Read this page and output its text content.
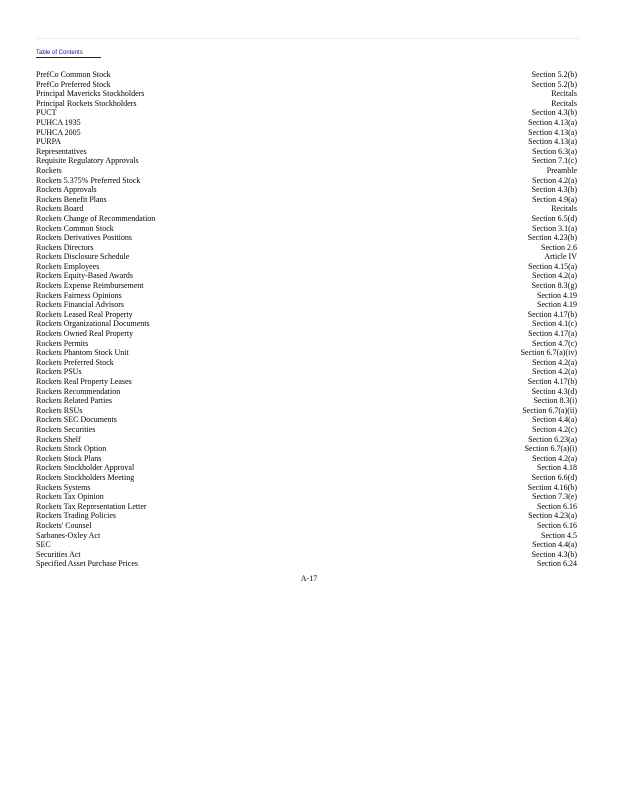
Table of Contents
PrefCo Common Stock	Section 5.2(b)
PrefCo Preferred Stock	Section 5.2(b)
Principal Mavericks Stockholders	Recitals
Principal Rockets Stockholders	Recitals
PUCT	Section 4.3(b)
PUHCA 1935	Section 4.13(a)
PUHCA 2005	Section 4.13(a)
PURPA	Section 4.13(a)
Representatives	Section 6.3(a)
Requisite Regulatory Approvals	Section 7.1(c)
Rockets	Preamble
Rockets 5.375% Preferred Stock	Section 4.2(a)
Rockets Approvals	Section 4.3(b)
Rockets Benefit Plans	Section 4.9(a)
Rockets Board	Recitals
Rockets Change of Recommendation	Section 6.5(d)
Rockets Common Stock	Section 3.1(a)
Rockets Derivatives Positions	Section 4.23(b)
Rockets Directors	Section 2.6
Rockets Disclosure Schedule	Article IV
Rockets Employees	Section 4.15(a)
Rockets Equity-Based Awards	Section 4.2(a)
Rockets Expense Reimbursement	Section 8.3(g)
Rockets Fairness Opinions	Section 4.19
Rockets Financial Advisors	Section 4.19
Rockets Leased Real Property	Section 4.17(b)
Rockets Organizational Documents	Section 4.1(c)
Rockets Owned Real Property	Section 4.17(a)
Rockets Permits	Section 4.7(c)
Rockets Phantom Stock Unit	Section 6.7(a)(iv)
Rockets Preferred Stock	Section 4.2(a)
Rockets PSUs	Section 4.2(a)
Rockets Real Property Leases	Section 4.17(b)
Rockets Recommendation	Section 4.3(d)
Rockets Related Parties	Section 8.3(i)
Rockets RSUs	Section 6.7(a)(ii)
Rockets SEC Documents	Section 4.4(a)
Rockets Securities	Section 4.2(c)
Rockets Shelf	Section 6.23(a)
Rockets Stock Option	Section 6.7(a)(i)
Rockets Stock Plans	Section 4.2(a)
Rockets Stockholder Approval	Section 4.18
Rockets Stockholders Meeting	Section 6.6(d)
Rockets Systems	Section 4.16(b)
Rockets Tax Opinion	Section 7.3(e)
Rockets Tax Representation Letter	Section 6.16
Rockets Trading Policies	Section 4.23(a)
Rockets' Counsel	Section 6.16
Sarbanes-Oxley Act	Section 4.5
SEC	Section 4.4(a)
Securities Act	Section 4.3(b)
Specified Asset Purchase Prices	Section 6.24
A-17
